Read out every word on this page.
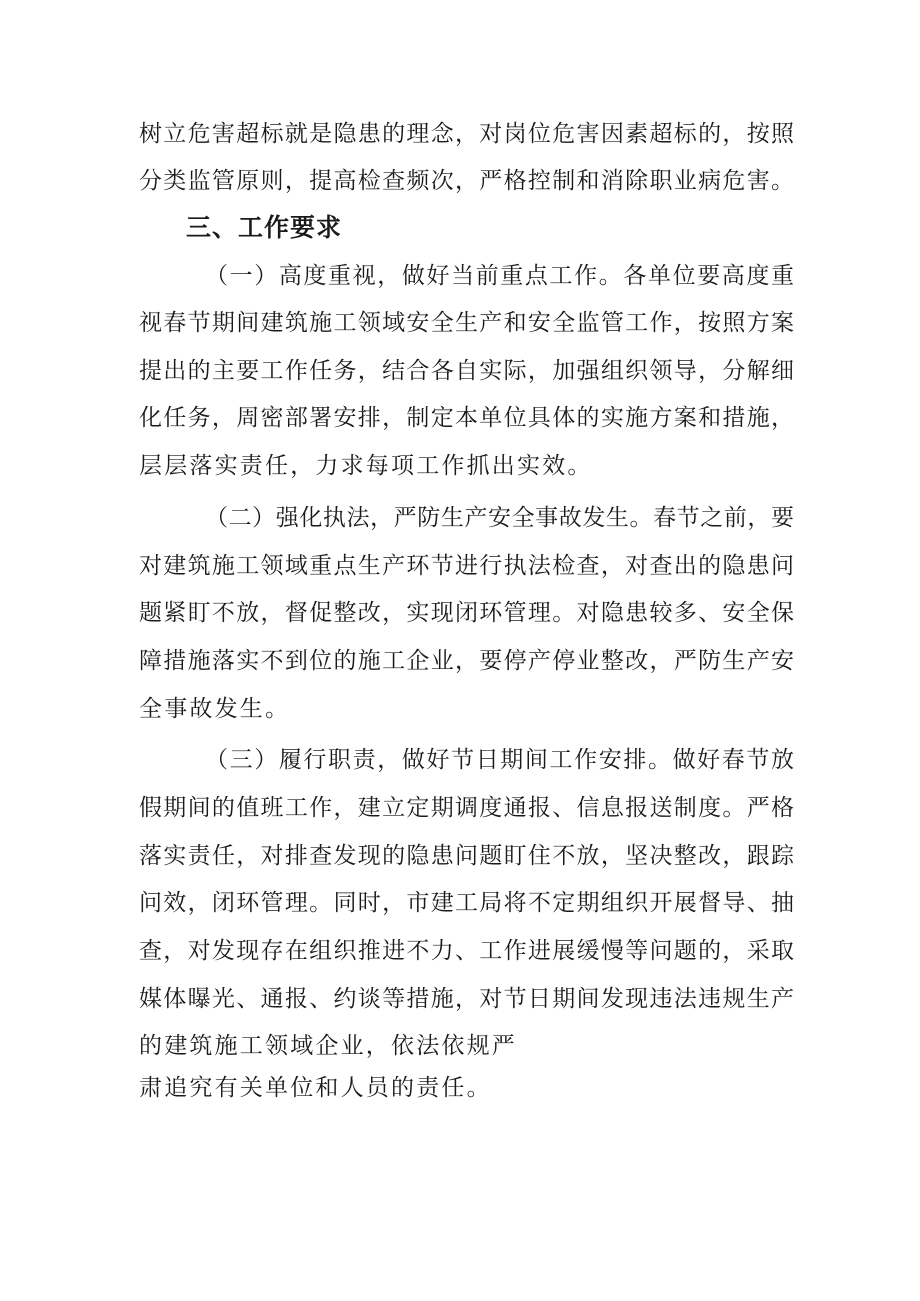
树立危害超标就是隐患的理念，对岗位危害因素超标的，按照
分类监管原则，提高检查频次，严格控制和消除职业病危害。
三、工作要求
（一）高度重视，做好当前重点工作。各单位要高度重
视春节期间建筑施工领域安全生产和安全监管工作，按照方案
提出的主要工作任务，结合各自实际，加强组织领导，分解细
化任务，周密部署安排，制定本单位具体的实施方案和措施，
层层落实责任，力求每项工作抓出实效。
（二）强化执法，严防生产安全事故发生。春节之前，要
对建筑施工领域重点生产环节进行执法检查，对查出的隐患问
题紧盯不放，督促整改，实现闭环管理。对隐患较多、安全保
障措施落实不到位的施工企业，要停产停业整改，严防生产安
全事故发生。
（三）履行职责，做好节日期间工作安排。做好春节放
假期间的值班工作，建立定期调度通报、信息报送制度。严格
落实责任，对排查发现的隐患问题盯住不放，坚决整改，跟踪
问效，闭环管理。同时，市建工局将不定期组织开展督导、抽
查，对发现存在组织推进不力、工作进展缓慢等问题的，采取
媒体曝光、通报、约谈等措施，对节日期间发现违法违规生产
的建筑施工领域企业，依法依规严
肃追究有关单位和人员的责任。
